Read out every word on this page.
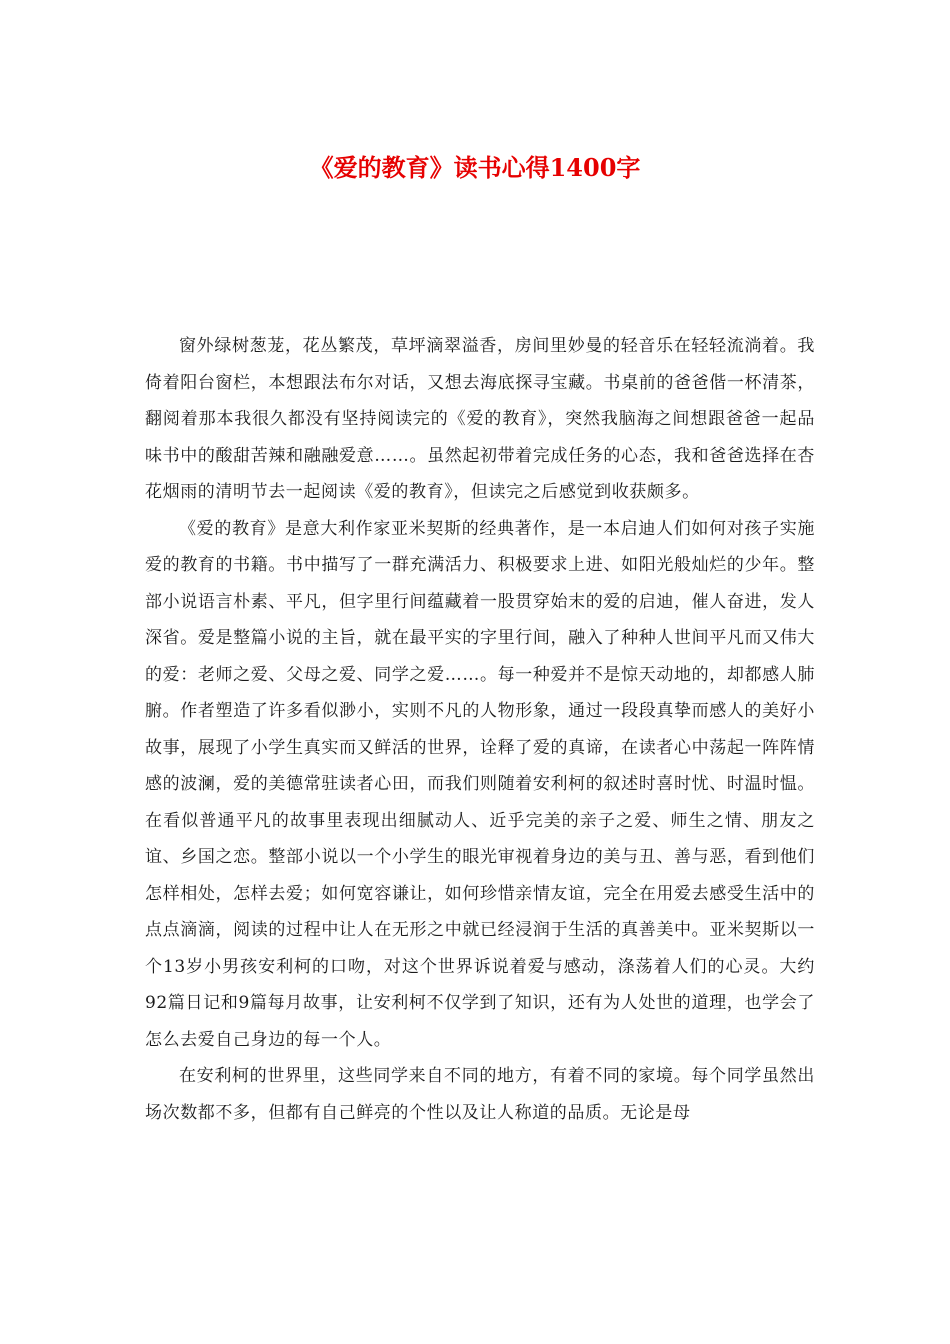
《爱的教育》读书心得1400字

窗外绿树葱茏，花丛繁茂，草坪滴翠溢香，房间里妙曼的轻音乐在轻轻流淌着。我倚着阳台窗栏，本想跟法布尔对话，又想去海底探寻宝藏。书桌前的爸爸偕一杯清茶，翻阅着那本我很久都没有坚持阅读完的《爱的教育》，突然我脑海之间想跟爸爸一起品味书中的酸甜苦辣和融融爱意……。虽然起初带着完成任务的心态，我和爸爸选择在杏花烟雨的清明节去一起阅读《爱的教育》，但读完之后感觉到收获颇多。

《爱的教育》是意大利作家亚米契斯的经典著作，是一本启迪人们如何对孩子实施爱的教育的书籍。书中描写了一群充满活力、积极要求上进、如阳光般灿烂的少年。整部小说语言朴素、平凡，但字里行间蕴藏着一股贯穿始末的爱的启迪，催人奋进，发人深省。爱是整篇小说的主旨，就在最平实的字里行间，融入了种种人世间平凡而又伟大的爱：老师之爱、父母之爱、同学之爱……。每一种爱并不是惊天动地的，却都感人肺腑。作者塑造了许多看似渺小，实则不凡的人物形象，通过一段段真挚而感人的美好小故事，展现了小学生真实而又鲜活的世界，诠释了爱的真谛，在读者心中荡起一阵阵情感的波澜，爱的美德常驻读者心田，而我们则随着安利柯的叙述时喜时忧、时温时愠。在看似普通平凡的故事里表现出细腻动人、近乎完美的亲子之爱、师生之情、朋友之谊、乡国之恋。整部小说以一个小学生的眼光审视着身边的美与丑、善与恶，看到他们怎样相处，怎样去爱；如何宽容谦让，如何珍惜亲情友谊，完全在用爱去感受生活中的点点滴滴，阅读的过程中让人在无形之中就已经浸润于生活的真善美中。亚米契斯以一个13岁小男孩安利柯的口吻，对这个世界诉说着爱与感动，涤荡着人们的心灵。大约92篇日记和9篇每月故事，让安利柯不仅学到了知识，还有为人处世的道理，也学会了怎么去爱自己身边的每一个人。

在安利柯的世界里，这些同学来自不同的地方，有着不同的家境。每个同学虽然出场次数都不多，但都有自己鲜亮的个性以及让人称道的品质。无论是母
